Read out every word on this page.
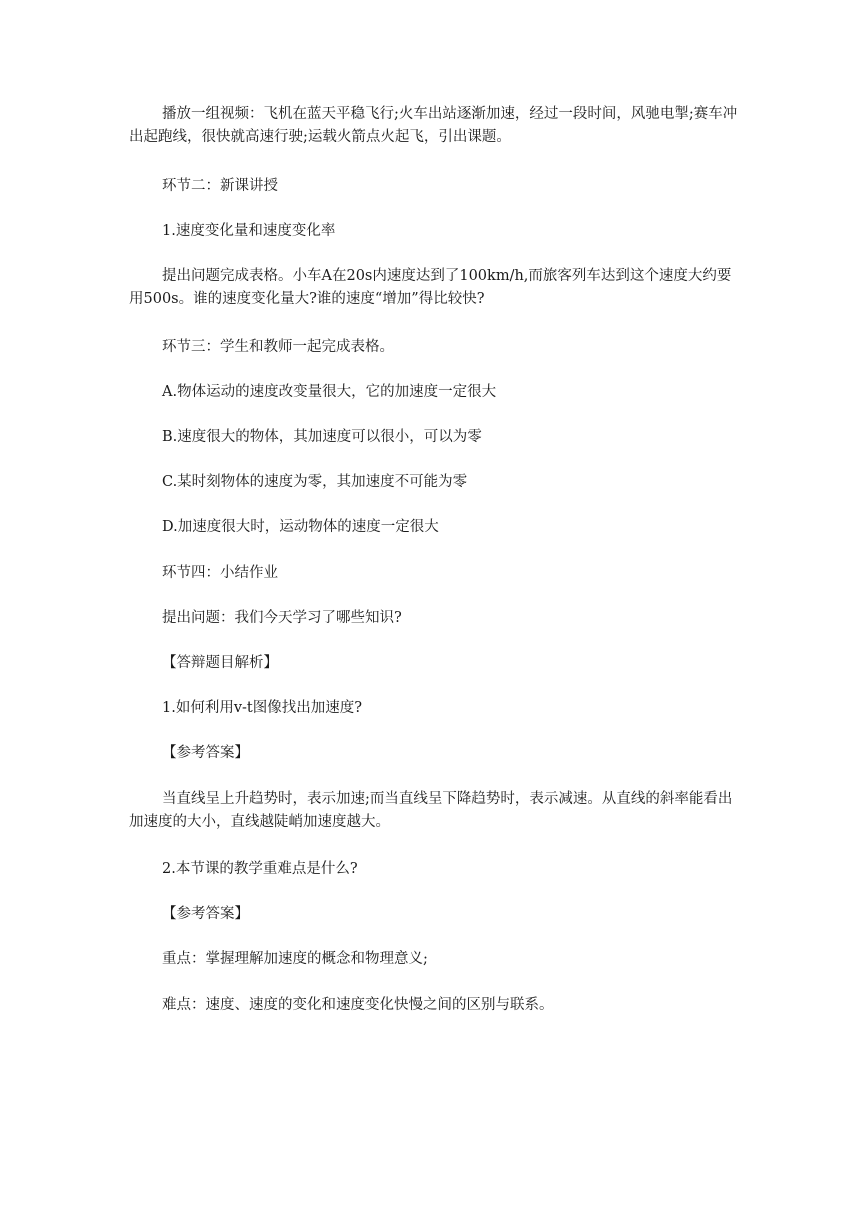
播放一组视频：飞机在蓝天平稳飞行;火车出站逐渐加速，经过一段时间，风驰电掣;赛车冲出起跑线，很快就高速行驶;运载火箭点火起飞，引出课题。

环节二：新课讲授

1.速度变化量和速度变化率

提出问题完成表格。小车A在20s内速度达到了100km/h,而旅客列车达到这个速度大约要用500s。谁的速度变化量大?谁的速度“增加”得比较快?

环节三：学生和教师一起完成表格。

A.物体运动的速度改变量很大，它的加速度一定很大

B.速度很大的物体，其加速度可以很小，可以为零

C.某时刻物体的速度为零，其加速度不可能为零

D.加速度很大时，运动物体的速度一定很大

环节四：小结作业

提出问题：我们今天学习了哪些知识?

【答辩题目解析】

1.如何利用v-t图像找出加速度?

【参考答案】

当直线呈上升趋势时，表示加速;而当直线呈下降趋势时，表示减速。从直线的斜率能看出加速度的大小，直线越陡峭加速度越大。

2.本节课的教学重难点是什么?

【参考答案】

重点：掌握理解加速度的概念和物理意义;

难点：速度、速度的变化和速度变化快慢之间的区别与联系。
